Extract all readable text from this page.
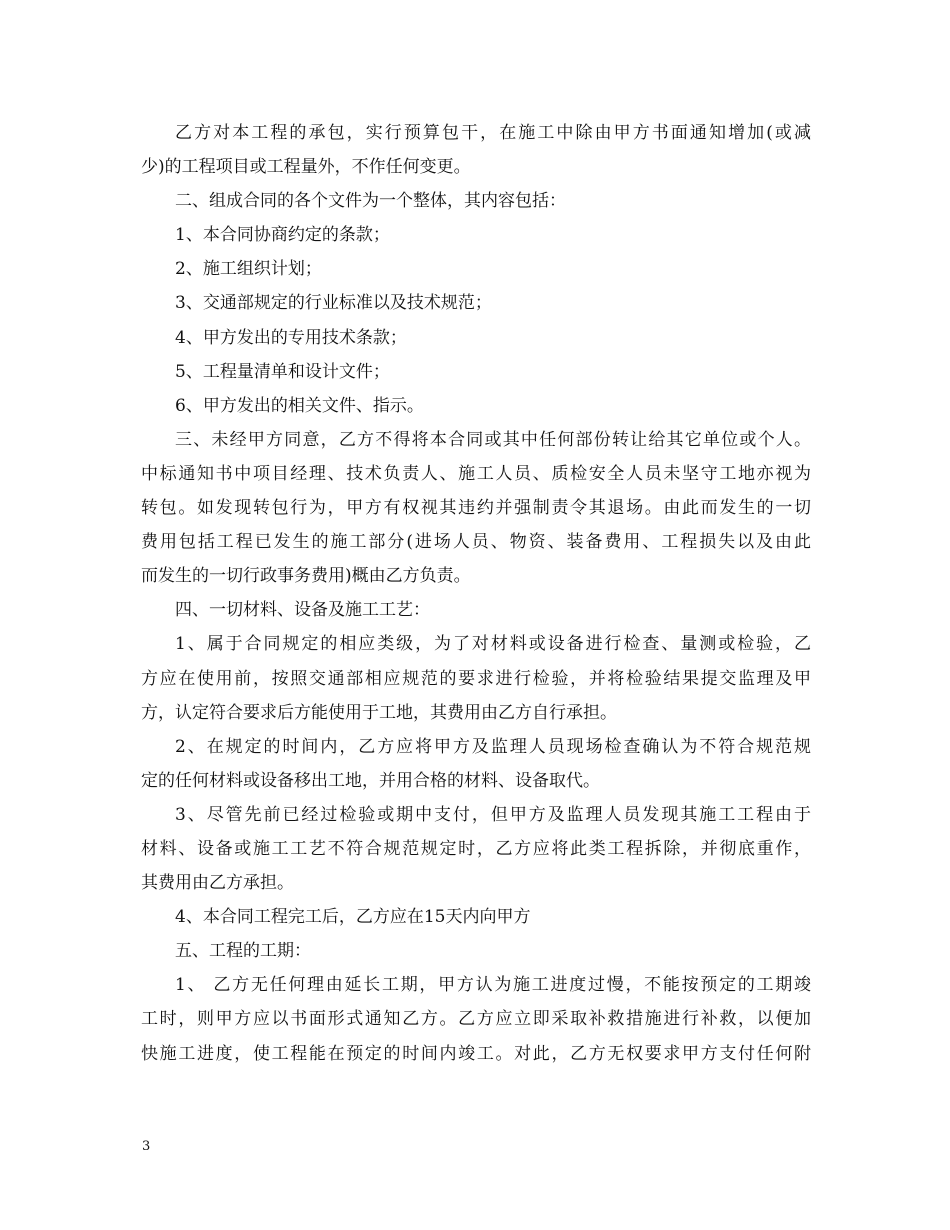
乙方对本工程的承包，实行预算包干，在施工中除由甲方书面通知增加(或减
少)的工程项目或工程量外，不作任何变更。
二、组成合同的各个文件为一个整体，其内容包括：
1、本合同协商约定的条款；
2、施工组织计划；
3、交通部规定的行业标准以及技术规范；
4、甲方发出的专用技术条款；
5、工程量清单和设计文件；
6、甲方发出的相关文件、指示。
三、未经甲方同意，乙方不得将本合同或其中任何部份转让给其它单位或个人。
中标通知书中项目经理、技术负责人、施工人员、质检安全人员未坚守工地亦视为
转包。如发现转包行为，甲方有权视其违约并强制责令其退场。由此而发生的一切
费用包括工程已发生的施工部分(进场人员、物资、装备费用、工程损失以及由此
而发生的一切行政事务费用)概由乙方负责。
四、一切材料、设备及施工工艺：
1、属于合同规定的相应类级，为了对材料或设备进行检查、量测或检验，乙
方应在使用前，按照交通部相应规范的要求进行检验，并将检验结果提交监理及甲
方，认定符合要求后方能使用于工地，其费用由乙方自行承担。
2、在规定的时间内，乙方应将甲方及监理人员现场检查确认为不符合规范规
定的任何材料或设备移出工地，并用合格的材料、设备取代。
3、尽管先前已经过检验或期中支付，但甲方及监理人员发现其施工工程由于
材料、设备或施工工艺不符合规范规定时，乙方应将此类工程拆除，并彻底重作，
其费用由乙方承担。
4、本合同工程完工后，乙方应在15天内向甲方
五、工程的工期：
1、 乙方无任何理由延长工期，甲方认为施工进度过慢，不能按预定的工期竣
工时，则甲方应以书面形式通知乙方。乙方应立即采取补救措施进行补救，以便加
快施工进度，使工程能在预定的时间内竣工。对此，乙方无权要求甲方支付任何附
3
